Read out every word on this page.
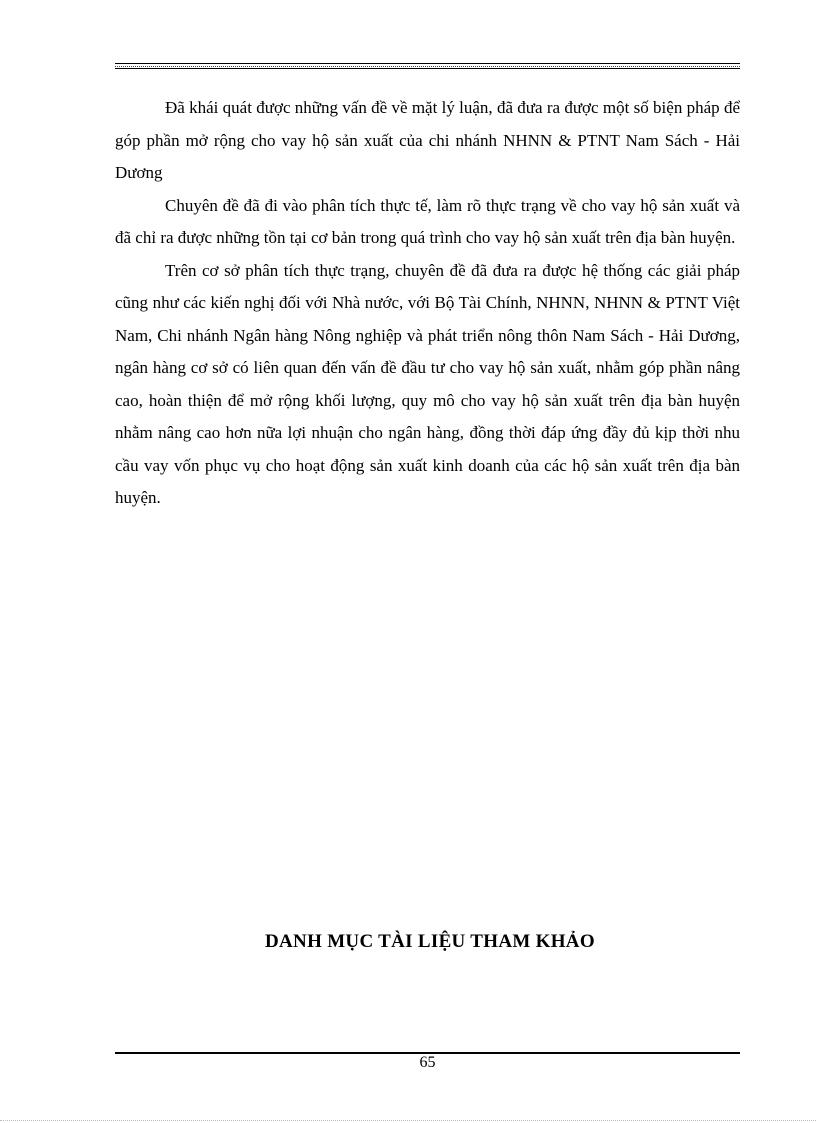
Đã khái quát được những vấn đề về mặt lý luận, đã đưa ra được một số biện pháp để góp phần mở rộng cho vay hộ sản xuất của chi nhánh NHNN & PTNT Nam Sách - Hải Dương

Chuyên đề đã đi vào phân tích thực tế, làm rõ thực trạng về cho vay hộ sản xuất và đã chỉ ra được những tồn tại cơ bản trong quá trình cho vay hộ sản xuất trên địa bàn huyện.

Trên cơ sở phân tích thực trạng, chuyên đề đã đưa ra được hệ thống các giải pháp cũng như các kiến nghị đối với Nhà nước, với Bộ Tài Chính, NHNN, NHNN & PTNT Việt Nam, Chi nhánh Ngân hàng Nông nghiệp và phát triển nông thôn Nam Sách - Hải Dương, ngân hàng cơ sở có liên quan đến vấn đề đầu tư cho vay hộ sản xuất, nhằm góp phần nâng cao, hoàn thiện để mở rộng khối lượng, quy mô cho vay hộ sản xuất trên địa bàn huyện nhằm nâng cao hơn nữa lợi nhuận cho ngân hàng, đồng thời đáp ứng đầy đủ kịp thời nhu cầu vay vốn phục vụ cho hoạt động sản xuất kinh doanh của các hộ sản xuất trên địa bàn huyện.

DANH MỤC TÀI LIỆU THAM KHẢO
65
